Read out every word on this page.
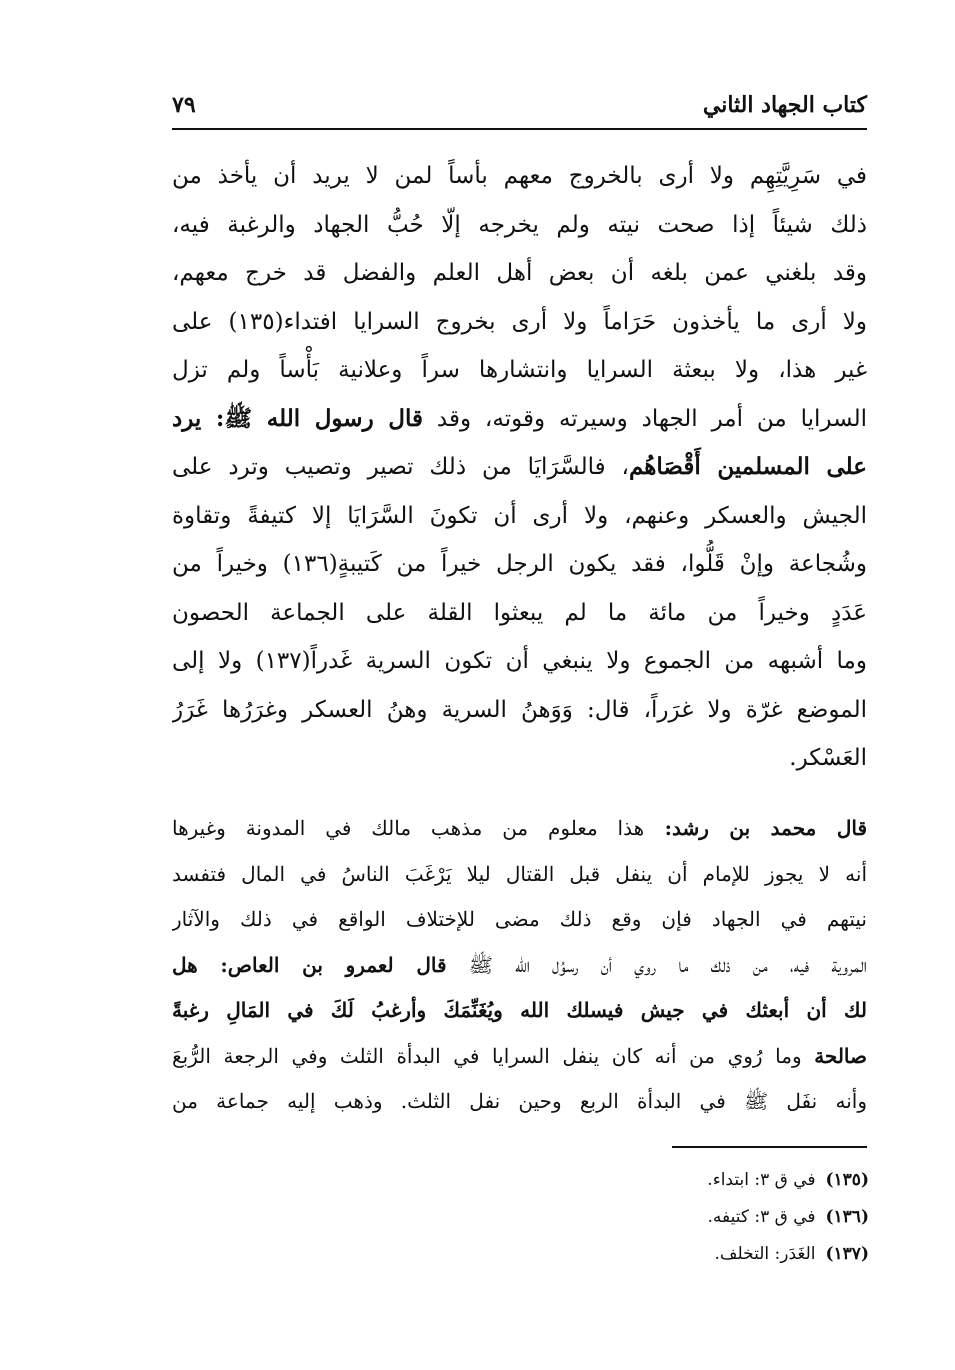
كتاب الجهاد الثاني
٧٩
في سَرِيَّتِهِم ولا أرى بالخروج معهم بأساً لمن لا يريد أن يأخذ من
ذلك شيئاً إذا صحت نيته ولم يخرجه إلّا حُبُّ الجهاد والرغبة فيه،
وقد بلغني عمن بلغه أن بعض أهل العلم والفضل قد خرج معهم،
ولا أرى ما يأخذون حَرَاماً ولا أرى بخروج السرايا افتداء(١٣٥) على
غير هذا، ولا ببعثة السرايا وانتشارها سراً وعلانية بَأْساً ولم تزل
السرايا من أمر الجهاد وسيرته وقوته، وقد قال رسول الله ﷺ: يرد
على المسلمين أَقْصَاهُم، فالسَّرَايَا من ذلك تصير وتصيب وترد على
الجيش والعسكر وعنهم، ولا أرى أن تكونَ السَّرَايَا إلا كتيفةً وتقاوة
وشُجاعة وإنْ قَلُّوا، فقد يكون الرجل خيراً من كَتيبةٍ(١٣٦) وخيراً من
عَدَدٍ وخيراً من مائة ما لم يبعثوا القلة على الجماعة الحصون
وما أشبهه من الجموع ولا ينبغي أن تكون السرية غَدراً(١٣٧) ولا إلى
الموضع غرّة ولا غرَراً، قال: وَوَهنُ السرية وهنُ العسكر وغرَرُها غَرَرُ
العَسْكر.
قال محمد بن رشد: هذا معلوم من مذهب مالك في المدونة وغيرها
أنه لا يجوز للإمام أن ينفل قبل القتال ليلا يَرْغَبَ الناسُ في المال فتفسد
نيتهم في الجهاد فإن وقع ذلك مضى للإختلاف الواقع في ذلك والآثار
المروية فيه، من ذلك ما روي أن رسوُل الله ﷺ قال لعمرو بن العاص: هل
لك أن أبعثك في جيش فيسلك الله ويُغَنِّمَكَ وأرغبُ لَكَ في المَالِ رغبةً
صالحة وما رُوي من أنه كان ينفل السرايا في البدأة الثلث وفي الرجعة الرُّبعَ
وأنه نفَل ﷺ في البدأة الربع وحين نفل الثلث. وذهب إليه جماعة من
(١٣٥)في ق ٣: ابتداء.
(١٣٦)في ق ٣: كتيفه.
(١٣٧)الغَدَر: التخلف.
